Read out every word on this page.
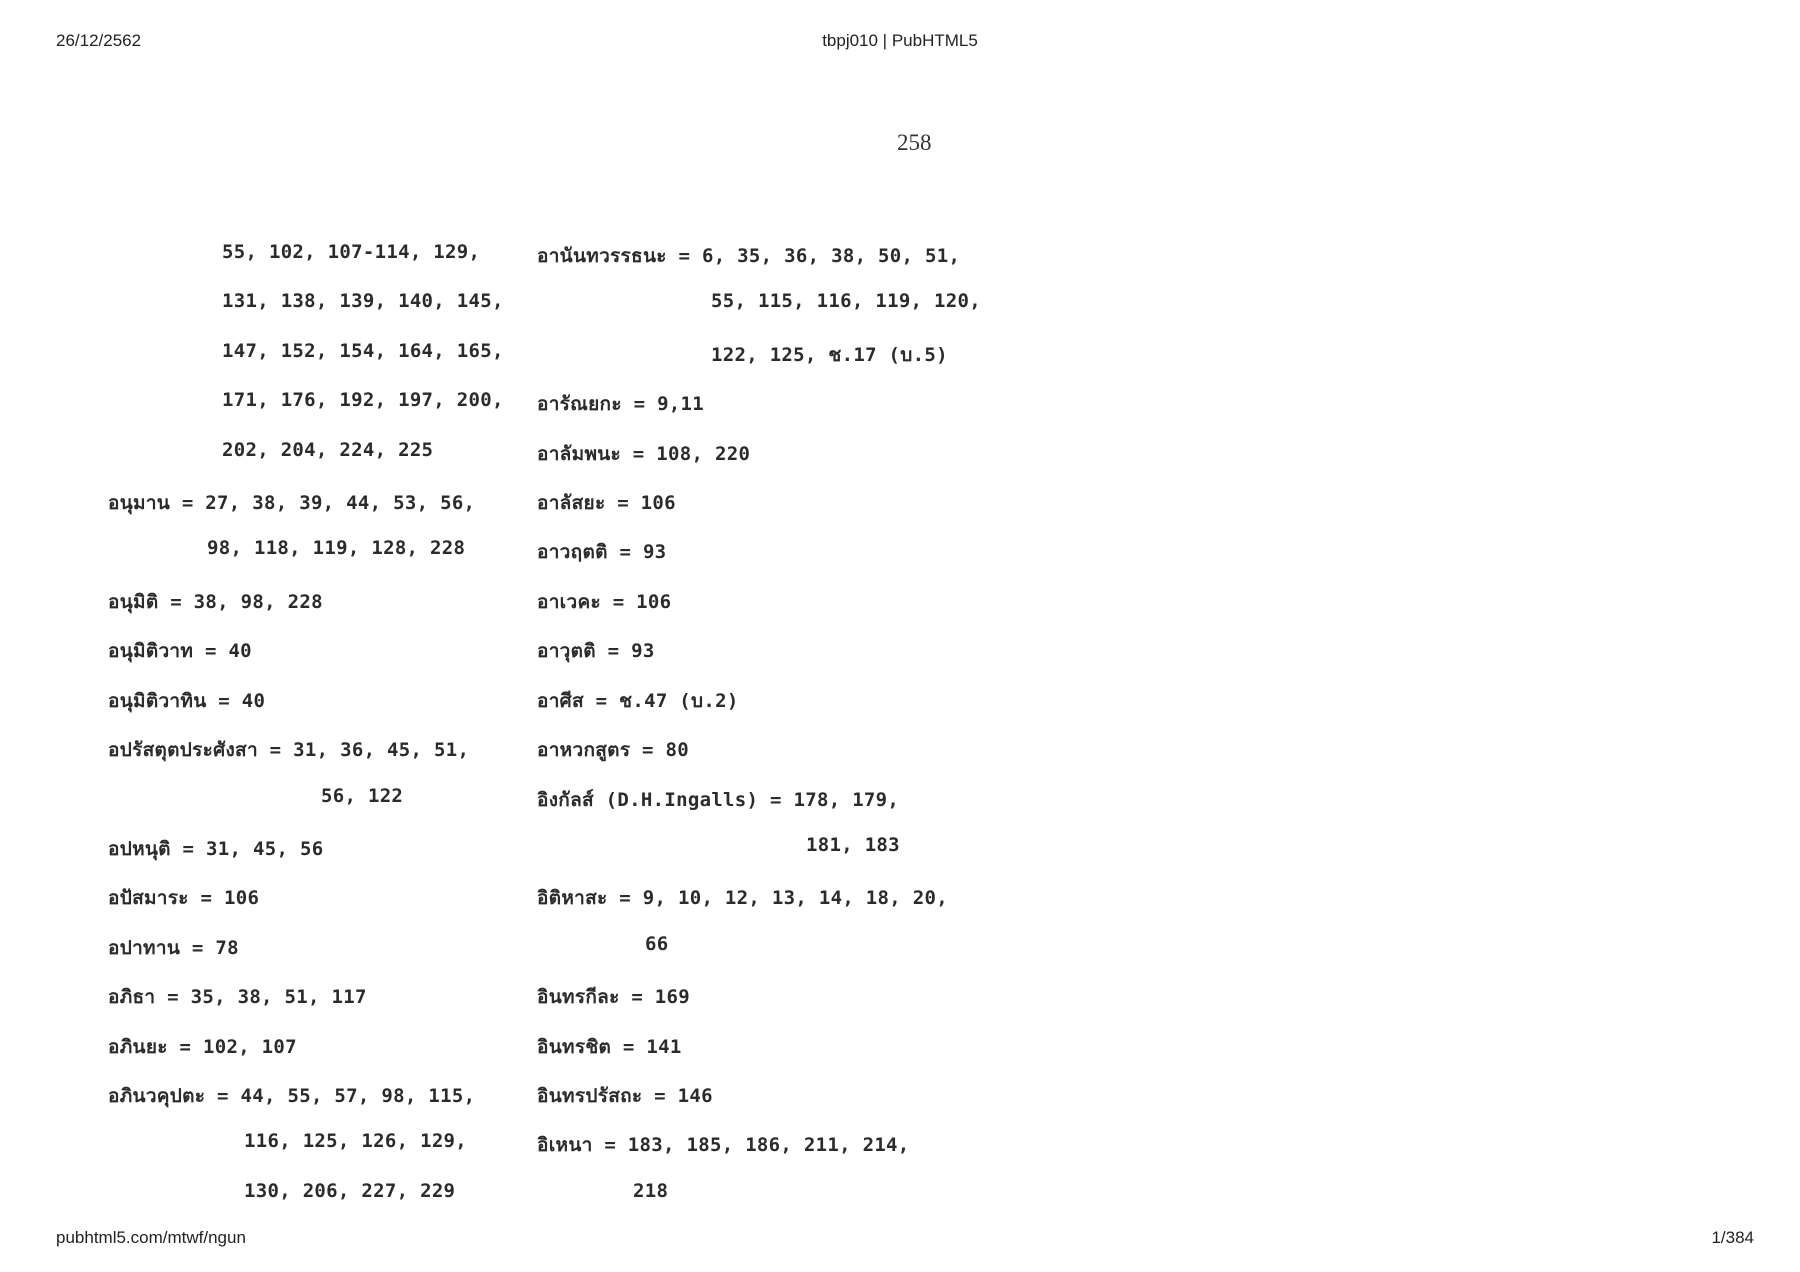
26/12/2562	tbpj010 | PubHTML5
258
55, 102, 107-114, 129,
131, 138, 139, 140, 145,
147, 152, 154, 164, 165,
171, 176, 192, 197, 200,
202, 204, 224, 225
อนุมาน = 27, 38, 39, 44, 53, 56,
98, 118, 119, 128, 228
อนุมิติ = 38, 98, 228
อนุมิติวาท = 40
อนุมิติวาทิน = 40
อปรัสตุตประศังสา = 31, 36, 45, 51,
56, 122
อปหนุติ = 31, 45, 56
อปัสมาระ = 106
อปาทาน = 78
อภิธา = 35, 38, 51, 117
อภินยะ = 102, 107
อภินวคุปตะ = 44, 55, 57, 98, 115,
116, 125, 126, 129,
130, 206, 227, 229
อานันทวรรธนะ = 6, 35, 36, 38, 50, 51,
55, 115, 116, 119, 120,
122, 125, ช.17 (บ.5)
อารัณยกะ = 9,11
อาลัมพนะ = 108, 220
อาลัสยะ = 106
อาวฤตติ = 93
อาเวคะ = 106
อาวุตติ = 93
อาศีส = ช.47 (บ.2)
อาหวกสูตร = 80
อิงกัลส์ (D.H.Ingalls) = 178, 179,
181, 183
อิติหาสะ = 9, 10, 12, 13, 14, 18, 20,
66
อินทรกีละ = 169
อินทรชิต = 141
อินทรปรัสถะ = 146
อิเหนา = 183, 185, 186, 211, 214,
218
pubhtml5.com/mtwf/ngun	1/384
